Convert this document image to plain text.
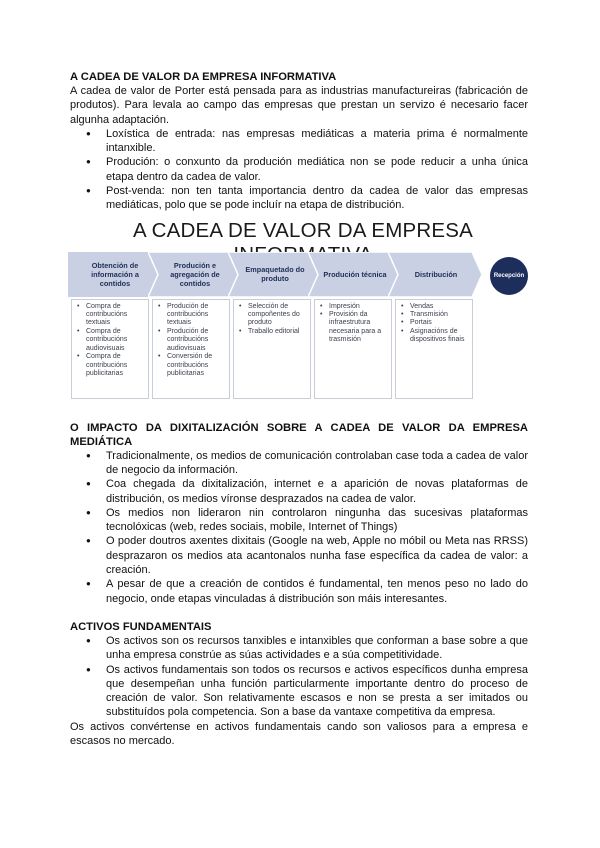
A CADEA DE VALOR DA EMPRESA INFORMATIVA

A cadea de valor de Porter está pensada para as industrias manufactureiras (fabricación de produtos). Para levala ao campo das empresas que prestan un servizo é necesario facer algunha adaptación.

● Loxística de entrada: nas empresas mediáticas a materia prima é normalmente intanxible.
● Produción: o conxunto da produción mediática non se pode reducir a unha única etapa dentro da cadea de valor.
● Post-venda: non ten tanta importancia dentro da cadea de valor das empresas mediáticas, polo que se pode incluír na etapa de distribución.
A CADEA DE VALOR DA EMPRESA
Obtención de información a contidos
Produción e agregación de contidos
Empaquetado do produto	Produción técnica	Distribución	Recepción
• Compra de contribucións textuais
• Compra de contribucións audiovisuais
• Compra de contribucións publicitarias
• Produción de contribucións textuais
• Produción de contribucións audiovisuais
• Conversión de contribucións publicitarias
• Selección de compoñentes do produto
• Traballo editorial
• Impresión
• Provisión da infraestrutura necesaria para a trasmisión
• Vendas
• Transmisión
• Portais
• Asignacións de dispositivos finais

O IMPACTO DA DIXITALIZACIÓN SOBRE A CADEA DE VALOR DA EMPRESA MEDIÁTICA

● Tradicionalmente, os medios de comunicación controlaban case toda a cadea de valor de negocio da información.
● Coa chegada da dixitalización, internet e a aparición de novas plataformas de distribución, os medios víronse desprazados na cadea de valor.
● Os medios non lideraron nin controlaron ningunha das sucesivas plataformas tecnolóxicas (web, redes sociais, mobile, Internet of Things)
● O poder doutros axentes dixitais (Google na web, Apple no móbil ou Meta nas RRSS) desprazaron os medios ata acantonalos nunha fase específica da cadea de valor: a creación.
● A pesar de que a creación de contidos é fundamental, ten menos peso no lado do negocio, onde etapas vinculadas á distribución son máis interesantes.

ACTIVOS FUNDAMENTAIS

● Os activos son os recursos tanxibles e intanxibles que conforman a base sobre a que unha empresa constrúe as súas actividades e a súa competitividade.
● Os activos fundamentais son todos os recursos e activos específicos dunha empresa que desempeñan unha función particularmente importante dentro do proceso de creación de valor. Son relativamente escasos e non se presta a ser imitados ou substituídos pola competencia. Son a base da vantaxe competitiva da empresa.

Os activos convértense en activos fundamentais cando son valiosos para a empresa e escasos no mercado.
